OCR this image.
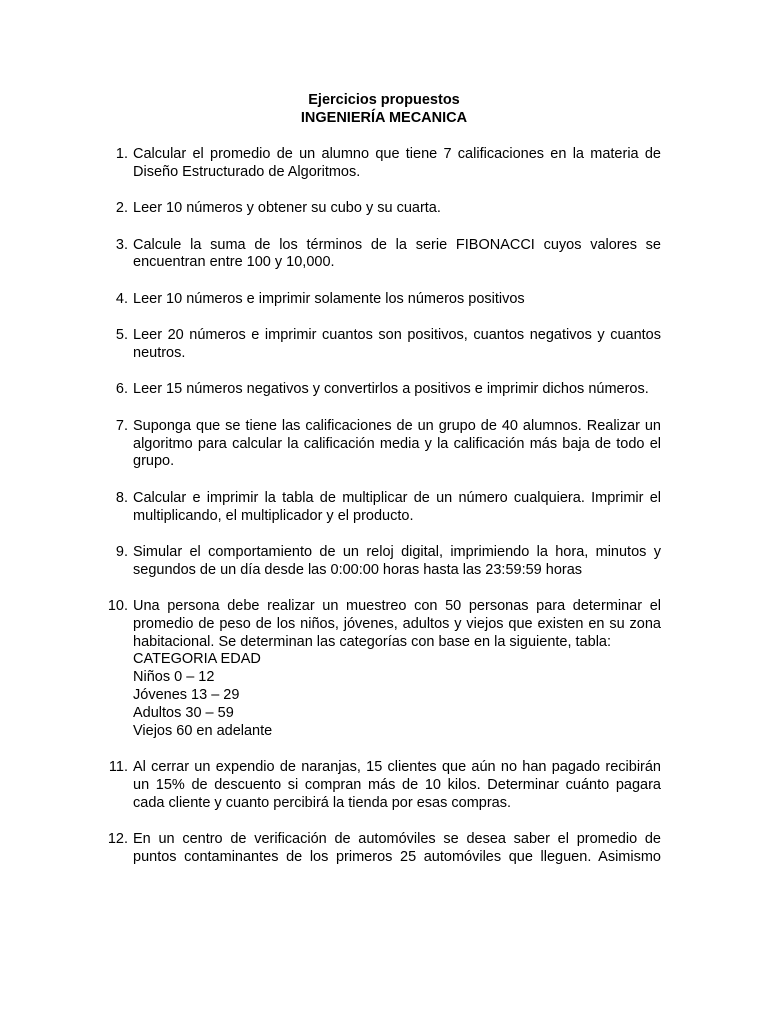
Ejercicios propuestos
INGENIERÍA MECANICA
1. Calcular el promedio de un alumno que tiene 7 calificaciones en la materia de Diseño Estructurado de Algoritmos.
2. Leer 10 números y obtener su cubo y su cuarta.
3. Calcule la suma de los términos de la serie FIBONACCI cuyos valores se encuentran entre 100 y 10,000.
4. Leer 10 números e imprimir solamente los números positivos
5. Leer 20 números e imprimir cuantos son positivos, cuantos negativos y cuantos neutros.
6. Leer 15 números negativos y convertirlos a positivos e imprimir dichos números.
7. Suponga que se tiene las calificaciones de un grupo de 40 alumnos. Realizar un algoritmo para calcular la calificación media y la calificación más baja de todo el grupo.
8. Calcular e imprimir la tabla de multiplicar de un número cualquiera. Imprimir el multiplicando, el multiplicador y el producto.
9. Simular el comportamiento de un reloj digital, imprimiendo la hora, minutos y segundos de un día desde las 0:00:00 horas hasta las 23:59:59 horas
10. Una persona debe realizar un muestreo con 50 personas para determinar el promedio de peso de los niños, jóvenes, adultos y viejos que existen en su zona habitacional. Se determinan las categorías con base en la siguiente, tabla:
CATEGORIA EDAD
Niños 0 – 12
Jóvenes 13 – 29
Adultos 30 – 59
Viejos 60 en adelante
11. Al cerrar un expendio de naranjas, 15 clientes que aún no han pagado recibirán un 15% de descuento si compran más de 10 kilos. Determinar cuánto pagara cada cliente y cuanto percibirá la tienda por esas compras.
12. En un centro de verificación de automóviles se desea saber el promedio de puntos contaminantes de los primeros 25 automóviles que lleguen. Asimismo
